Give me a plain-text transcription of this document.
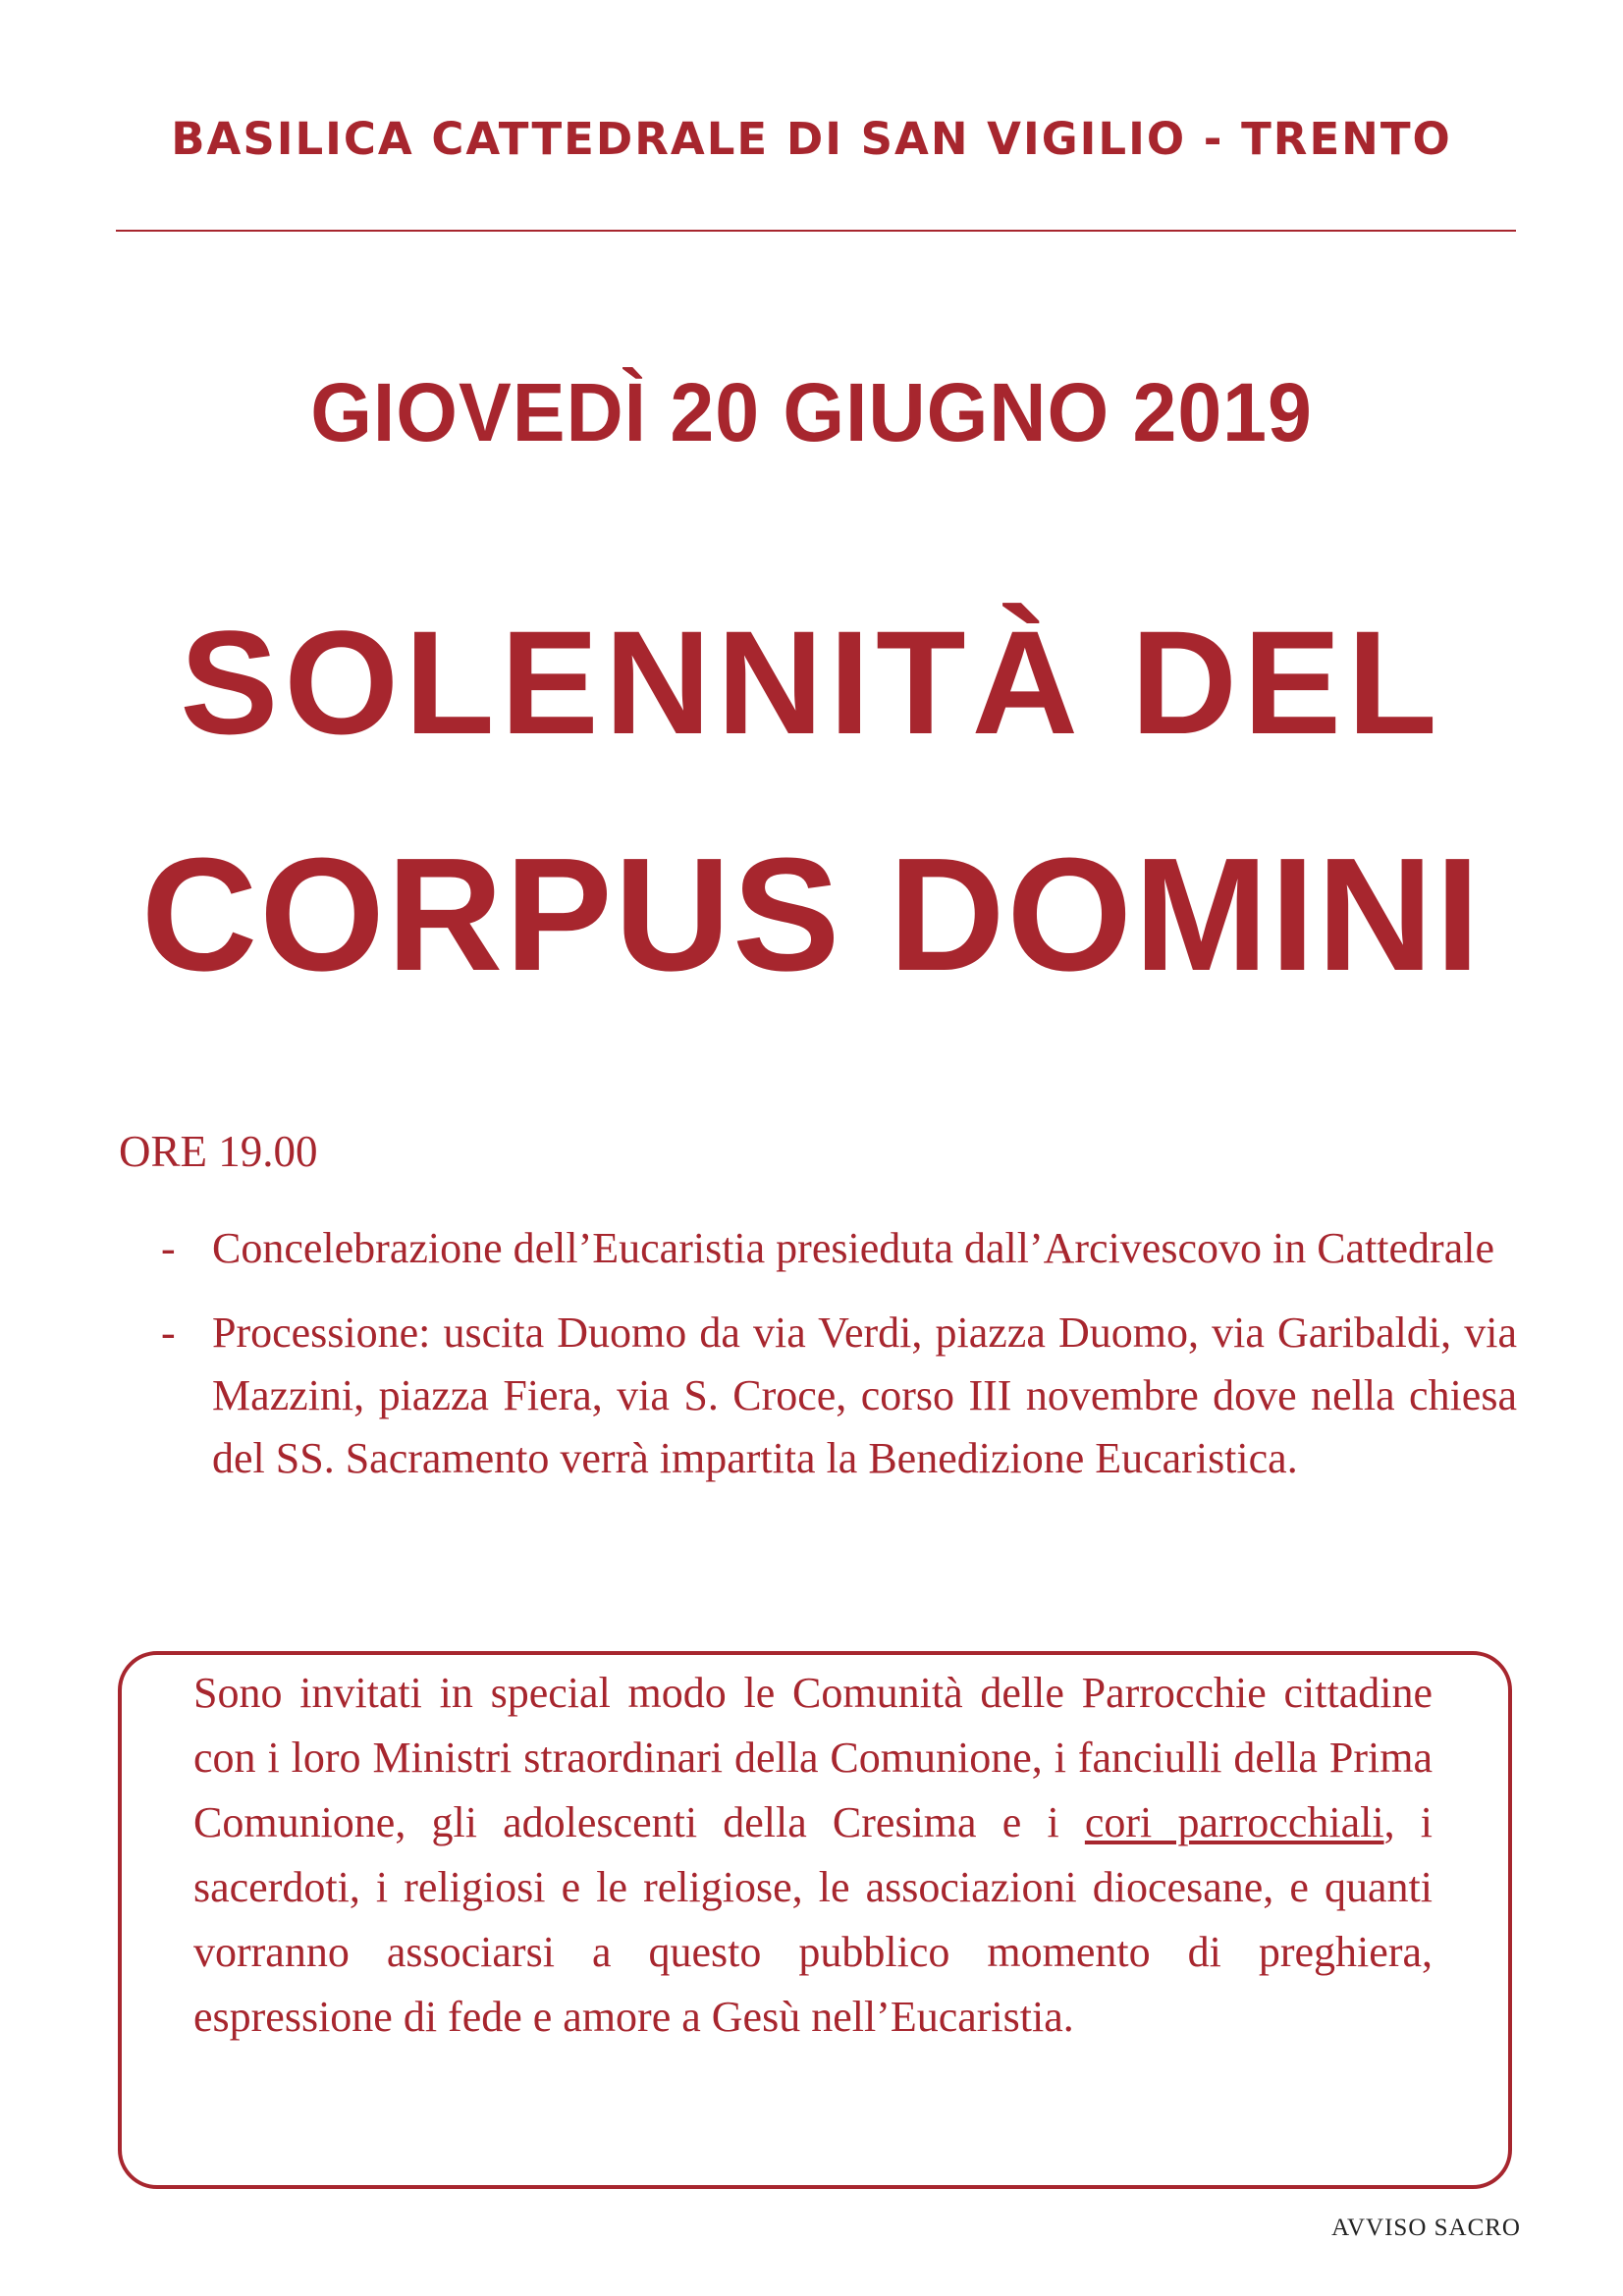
BASILICA CATTEDRALE DI SAN VIGILIO - TRENTO
GIOVEDÌ 20 GIUGNO 2019
SOLENNITÀ DEL
CORPUS DOMINI
ORE 19.00
- Concelebrazione dell’Eucaristia presieduta dall’Arcivescovo in Cattedrale
- Processione: uscita Duomo da via Verdi, piazza Duomo, via Garibaldi, via Mazzini, piazza Fiera, via S. Croce, corso III novembre dove nella chiesa del SS. Sacramento verrà impartita la Benedizione Eucaristica.

Sono invitati in special modo le Comunità delle Parrocchie cittadine con i loro Ministri straordinari della Comunione, i fanciulli della Prima Comunione, gli adolescenti della Cresima e i cori parrocchiali, i sacerdoti, i religiosi e le religiose, le associazioni diocesane, e quanti vorranno associarsi a questo pubblico momento di preghiera, espressione di fede e amore a Gesù nell’Eucaristia.

AVVISO SACRO
